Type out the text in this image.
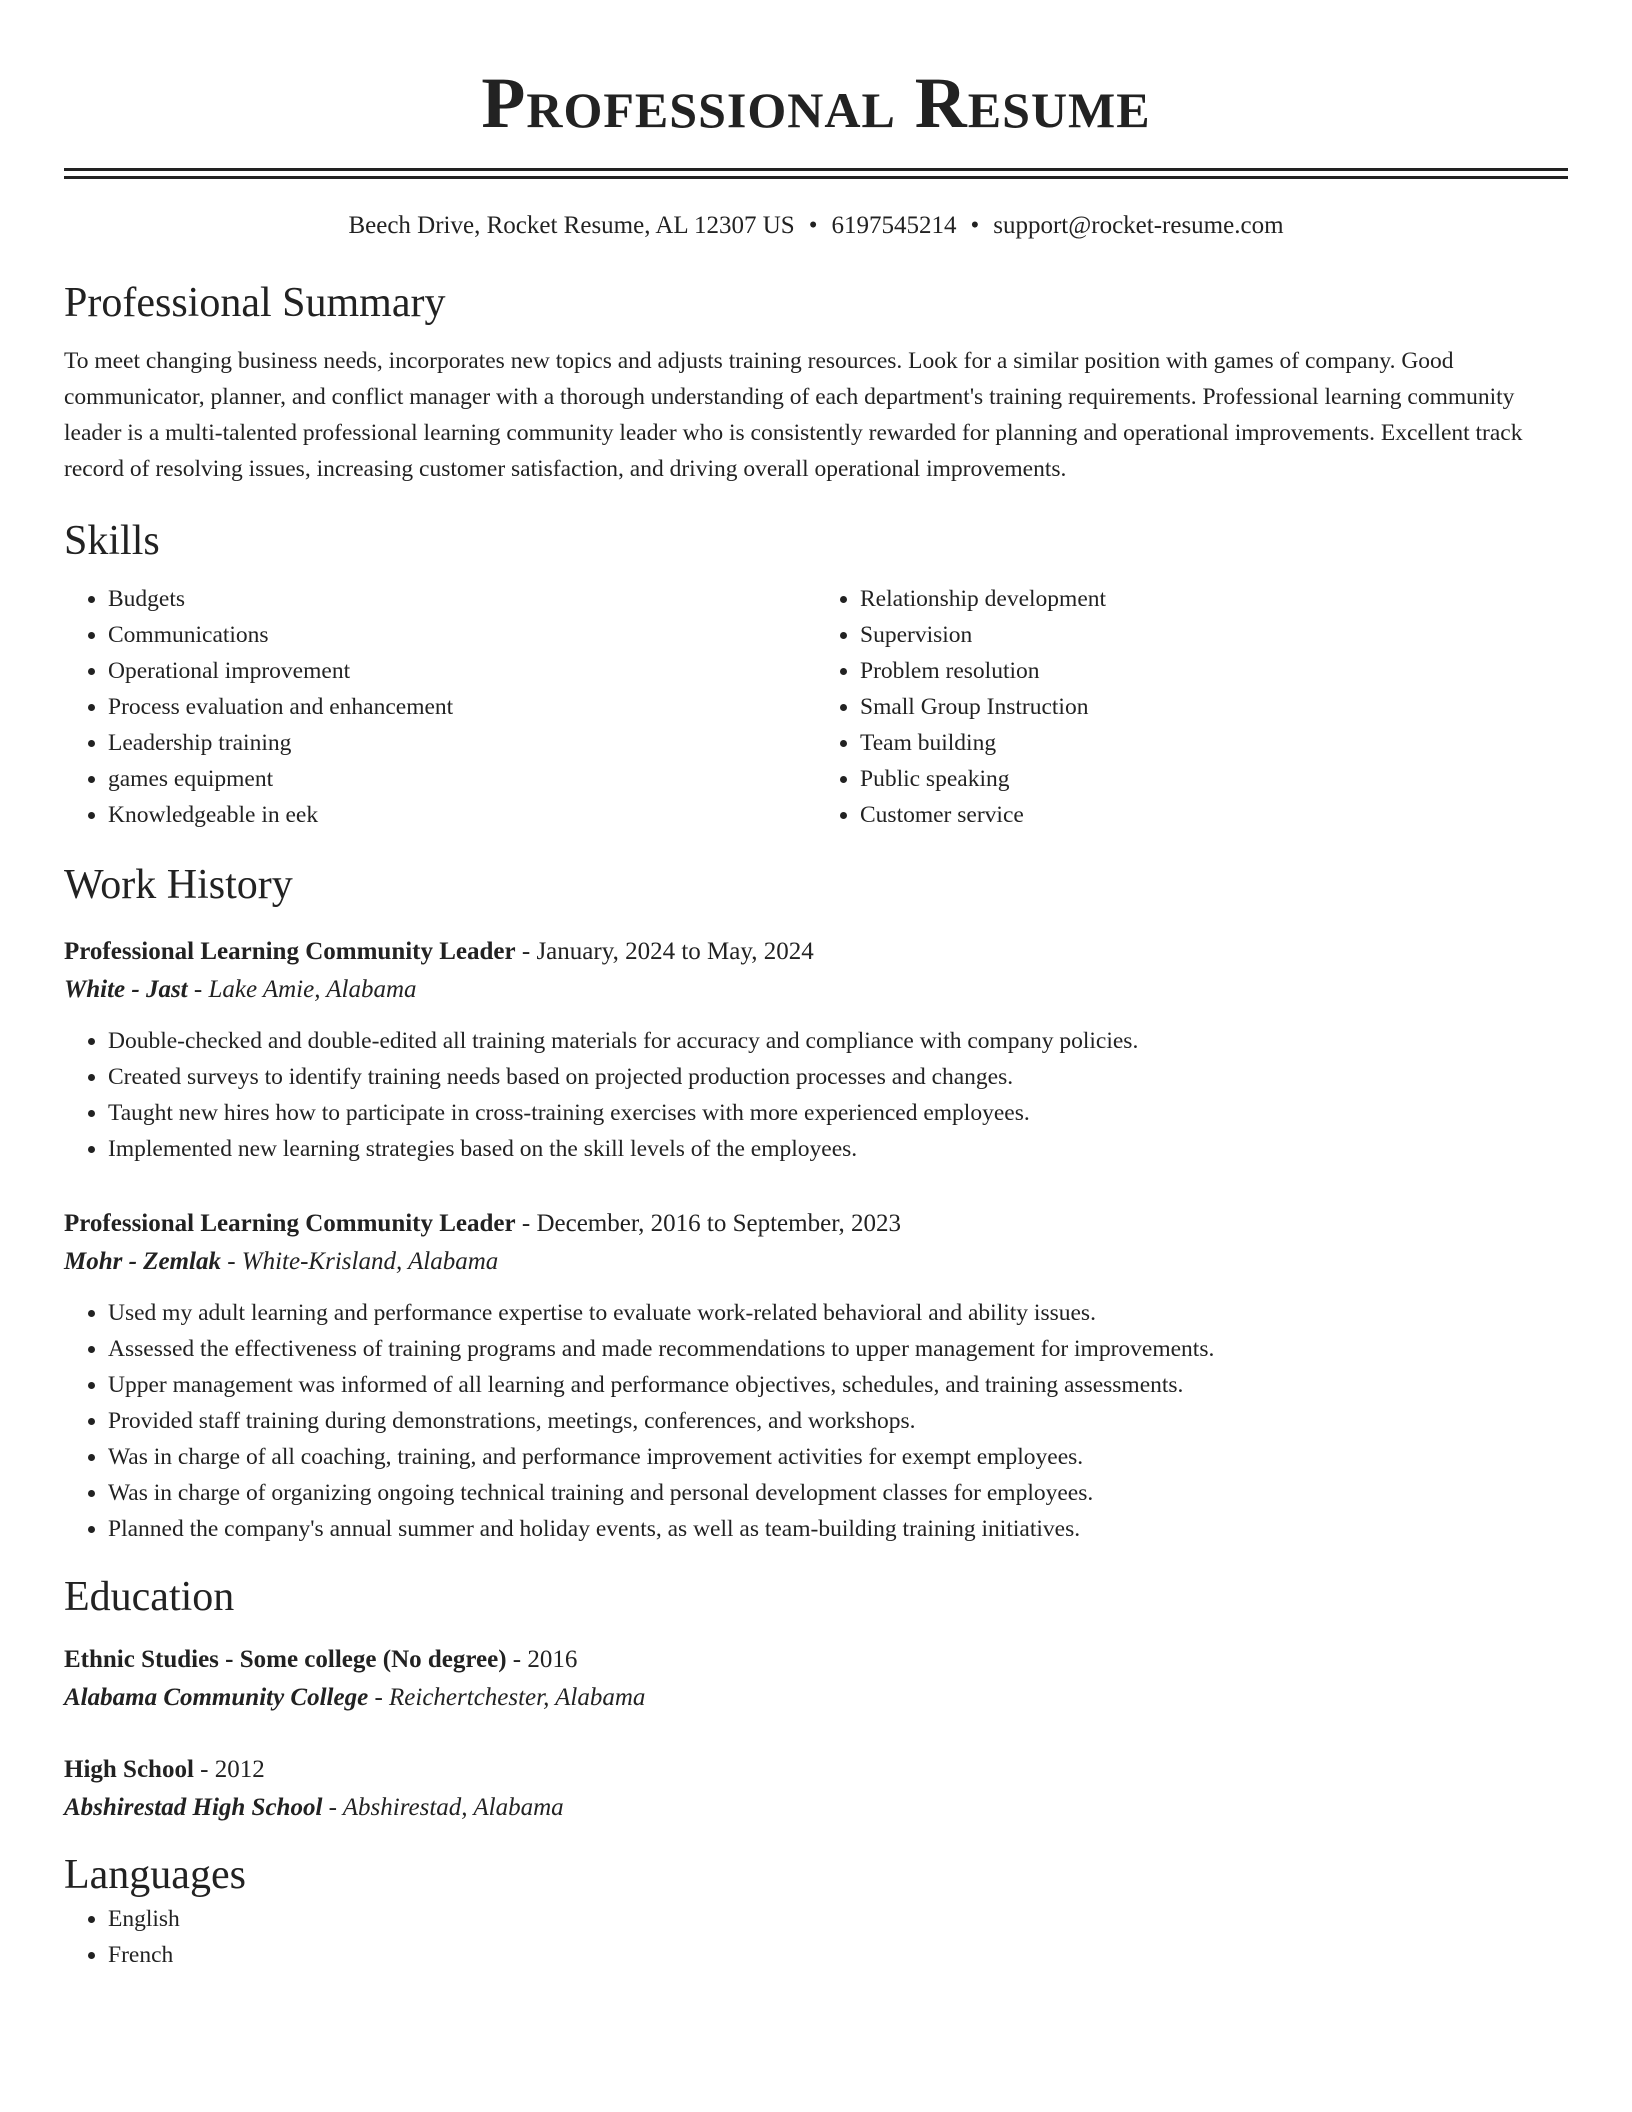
Professional Resume
Beech Drive, Rocket Resume, AL 12307 US • 6197545214 • support@rocket-resume.com
Professional Summary

To meet changing business needs, incorporates new topics and adjusts training resources. Look for a similar position with games of company. Good communicator, planner, and conflict manager with a thorough understanding of each department's training requirements. Professional learning community leader is a multi-talented professional learning community leader who is consistently rewarded for planning and operational improvements. Excellent track record of resolving issues, increasing customer satisfaction, and driving overall operational improvements.

Skills
• Budgets
• Communications
• Operational improvement
• Process evaluation and enhancement
• Leadership training
• games equipment
• Knowledgeable in eek
• Relationship development
• Supervision
• Problem resolution
• Small Group Instruction
• Team building
• Public speaking
• Customer service
Work History
Professional Learning Community Leader - January, 2024 to May, 2024
White - Jast - Lake Amie, Alabama
• Double-checked and double-edited all training materials for accuracy and compliance with company policies.
• Created surveys to identify training needs based on projected production processes and changes.
• Taught new hires how to participate in cross-training exercises with more experienced employees.
• Implemented new learning strategies based on the skill levels of the employees.
Professional Learning Community Leader - December, 2016 to September, 2023
Mohr - Zemlak - White-Krisland, Alabama
• Used my adult learning and performance expertise to evaluate work-related behavioral and ability issues.
• Assessed the effectiveness of training programs and made recommendations to upper management for improvements.
• Upper management was informed of all learning and performance objectives, schedules, and training assessments.
• Provided staff training during demonstrations, meetings, conferences, and workshops.
• Was in charge of all coaching, training, and performance improvement activities for exempt employees.
• Was in charge of organizing ongoing technical training and personal development classes for employees.
• Planned the company's annual summer and holiday events, as well as team-building training initiatives.
Education
Ethnic Studies - Some college (No degree) - 2016
Alabama Community College - Reichertchester, Alabama
High School - 2012
Abshirestad High School - Abshirestad, Alabama
Languages
• English
• French
